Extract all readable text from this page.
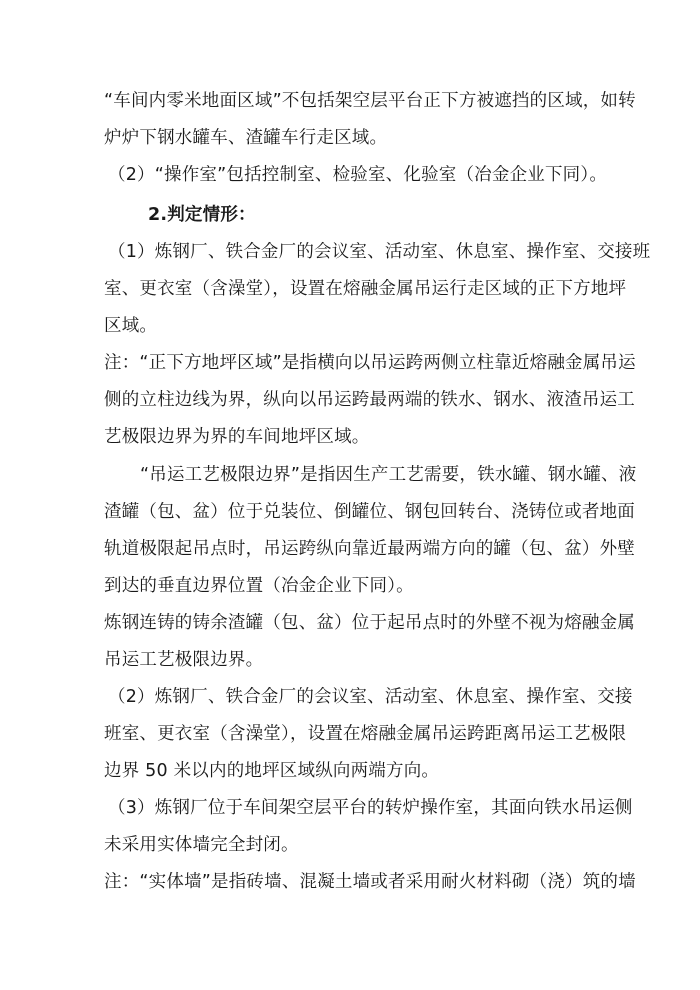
“车间内零米地面区域”不包括架空层平台正下方被遮挡的区域，如转
炉炉下钢水罐车、渣罐车行走区域。
（2）“操作室”包括控制室、检验室、化验室（冶金企业下同）。
2.判定情形：
（1）炼钢厂、铁合金厂的会议室、活动室、休息室、操作室、交接班
室、更衣室（含澡堂），设置在熔融金属吊运行走区域的正下方地坪
区域。
注：“正下方地坪区域”是指横向以吊运跨两侧立柱靠近熔融金属吊运
侧的立柱边线为界，纵向以吊运跨最两端的铁水、钢水、液渣吊运工
艺极限边界为界的车间地坪区域。
“吊运工艺极限边界”是指因生产工艺需要，铁水罐、钢水罐、液
渣罐（包、盆）位于兑装位、倒罐位、钢包回转台、浇铸位或者地面
轨道极限起吊点时，吊运跨纵向靠近最两端方向的罐（包、盆）外壁
到达的垂直边界位置（冶金企业下同）。
炼钢连铸的铸余渣罐（包、盆）位于起吊点时的外壁不视为熔融金属
吊运工艺极限边界。
（2）炼钢厂、铁合金厂的会议室、活动室、休息室、操作室、交接
班室、更衣室（含澡堂），设置在熔融金属吊运跨距离吊运工艺极限
边界 50 米以内的地坪区域纵向两端方向。
（3）炼钢厂位于车间架空层平台的转炉操作室，其面向铁水吊运侧
未采用实体墙完全封闭。
注：“实体墙”是指砖墙、混凝土墙或者采用耐火材料砌（浇）筑的墙
